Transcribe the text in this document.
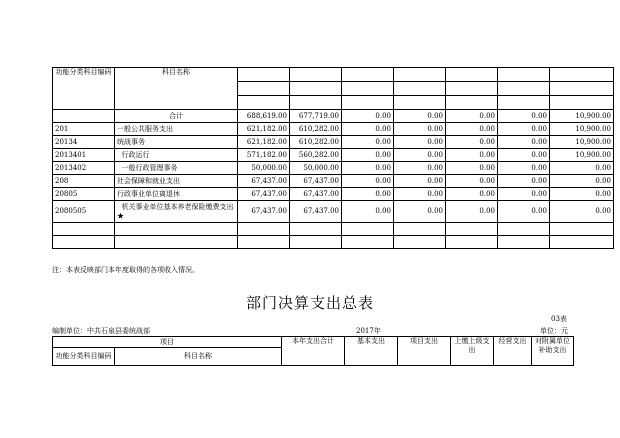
功能分类科目编码	科目名称							

	合计	688,619.00	677,719.00	0.00	0.00	0.00	0.00	10,900.00
201	一般公共服务支出	621,182.00	610,282.00	0.00	0.00	0.00	0.00	10,900.00
20134	统战事务	621,182.00	610,282.00	0.00	0.00	0.00	0.00	10,900.00
2013401	行政运行	571,182.00	560,282.00	0.00	0.00	0.00	0.00	10,900.00
2013402	一般行政管理事务	50,000.00	50,000.00	0.00	0.00	0.00	0.00	0.00
208	社会保障和就业支出	67,437.00	67,437.00	0.00	0.00	0.00	0.00	0.00
20805	行政事业单位离退休	67,437.00	67,437.00	0.00	0.00	0.00	0.00	0.00
2080505	机关事业单位基本养老保险缴费支出★	67,437.00	67,437.00	0.00	0.00	0.00	0.00	0.00

注：本表反映部门本年度取得的各项收入情况。
部门决算支出总表
03表
编制单位：中共石泉县委统战部	2017年	单位：元
项目		本年支出合计	基本支出	项目支出	上缴上级支出	经营支出	对附属单位补助支出
功能分类科目编码	科目名称						
